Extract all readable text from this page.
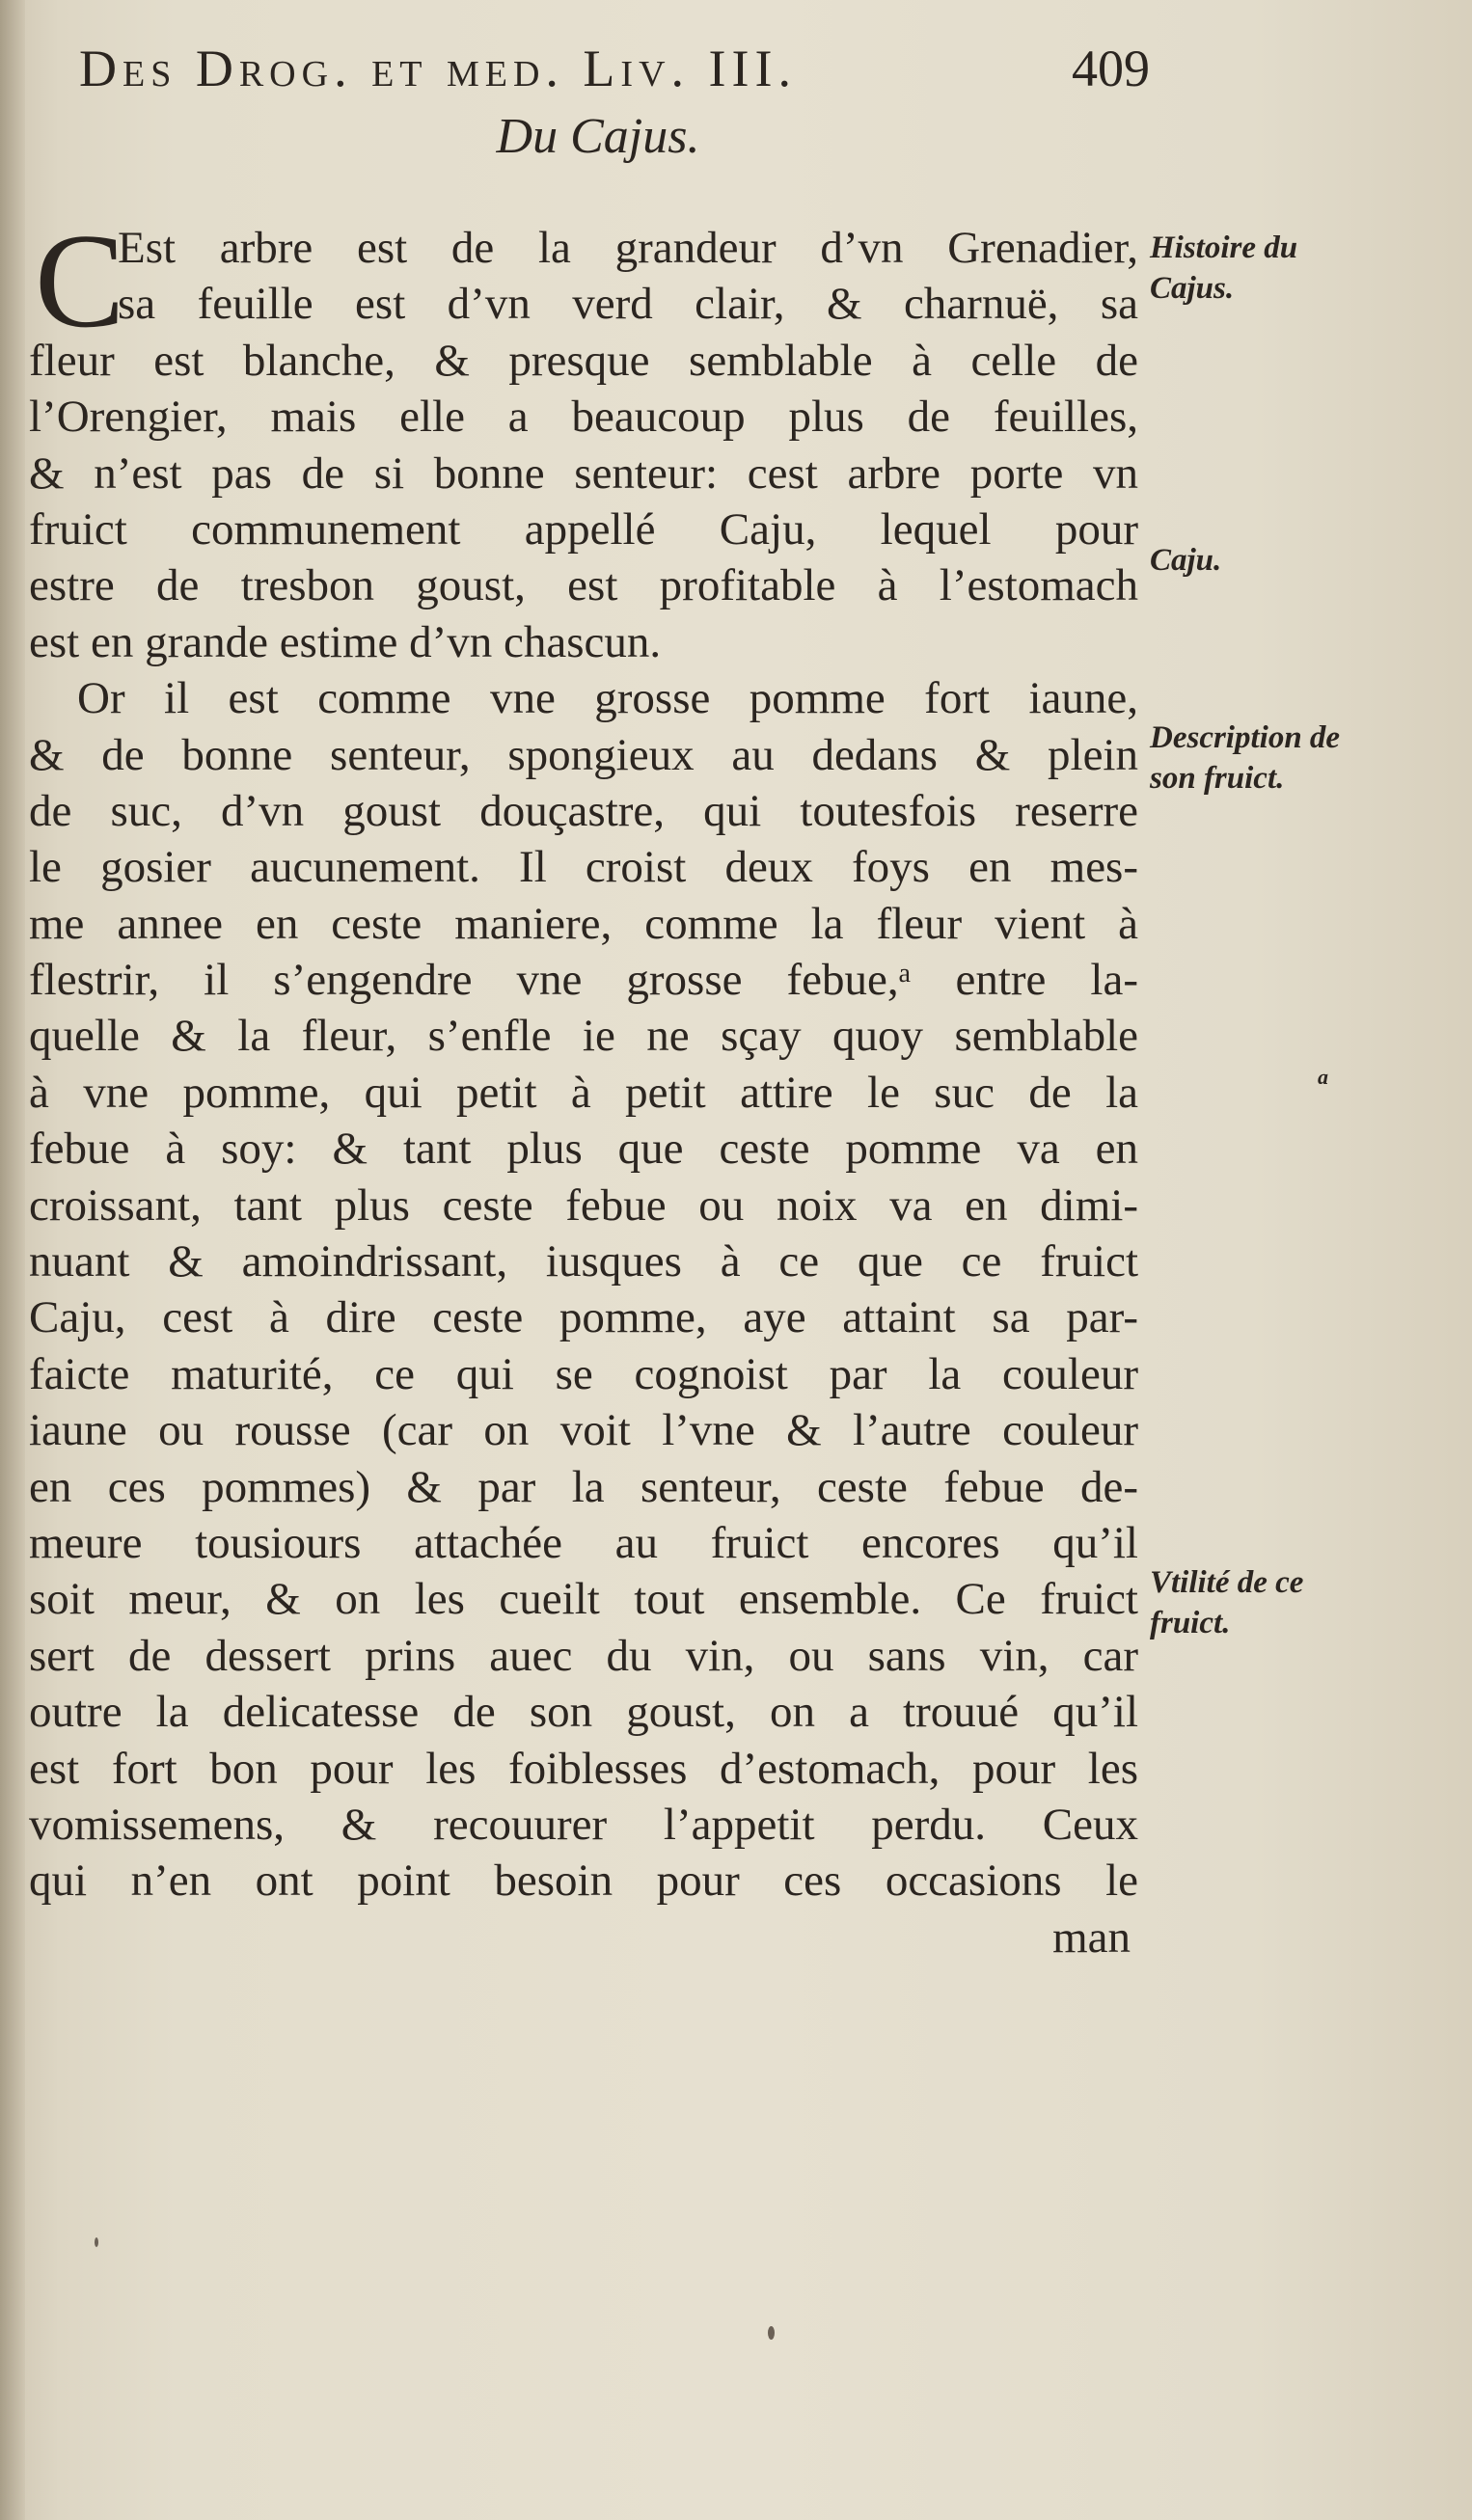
Des Drog. et med. Liv. III.	409
Du Cajus.
C
Est arbre est de la grandeur d’vn Grenadier,
sa feuille est d’vn verd clair, & charnuë, sa
fleur est blanche, & presque semblable à celle de
l’Orengier, mais elle a beaucoup plus de feuilles,
& n’est pas de si bonne senteur: cest arbre porte vn
fruict communement appellé Caju, lequel pour
estre de tresbon goust, est profitable à l’estomach
est en grande estime d’vn chascun.
Or il est comme vne grosse pomme fort iaune,
& de bonne senteur, spongieux au dedans & plein
de suc, d’vn goust douçastre, qui toutesfois reserre
le gosier aucunement. Il croist deux foys en mes-
me annee en ceste maniere, comme la fleur vient à
flestrir, il s’engendre vne grosse febue,ᵃ entre la-
quelle & la fleur, s’enfle ie ne sçay quoy semblable
à vne pomme, qui petit à petit attire le suc de la
febue à soy: & tant plus que ceste pomme va en
croissant, tant plus ceste febue ou noix va en dimi-
nuant & amoindrissant, iusques à ce que ce fruict
Caju, cest à dire ceste pomme, aye attaint sa par-
faicte maturité, ce qui se cognoist par la couleur
iaune ou rousse (car on voit l’vne & l’autre couleur
en ces pommes) & par la senteur, ceste febue de-
meure tousiours attachée au fruict encores qu’il
soit meur, & on les cueilt tout ensemble. Ce fruict
sert de dessert prins auec du vin, ou sans vin, car
outre la delicatesse de son goust, on a trouué qu’il
est fort bon pour les foiblesses d’estomach, pour les
vomissemens, & recouurer l’appetit perdu. Ceux
qui n’en ont point besoin pour ces occasions le
man
Histoire du Cajus.
Caju.
Description de son fruict.
a
Vtilité de ce fruict.
